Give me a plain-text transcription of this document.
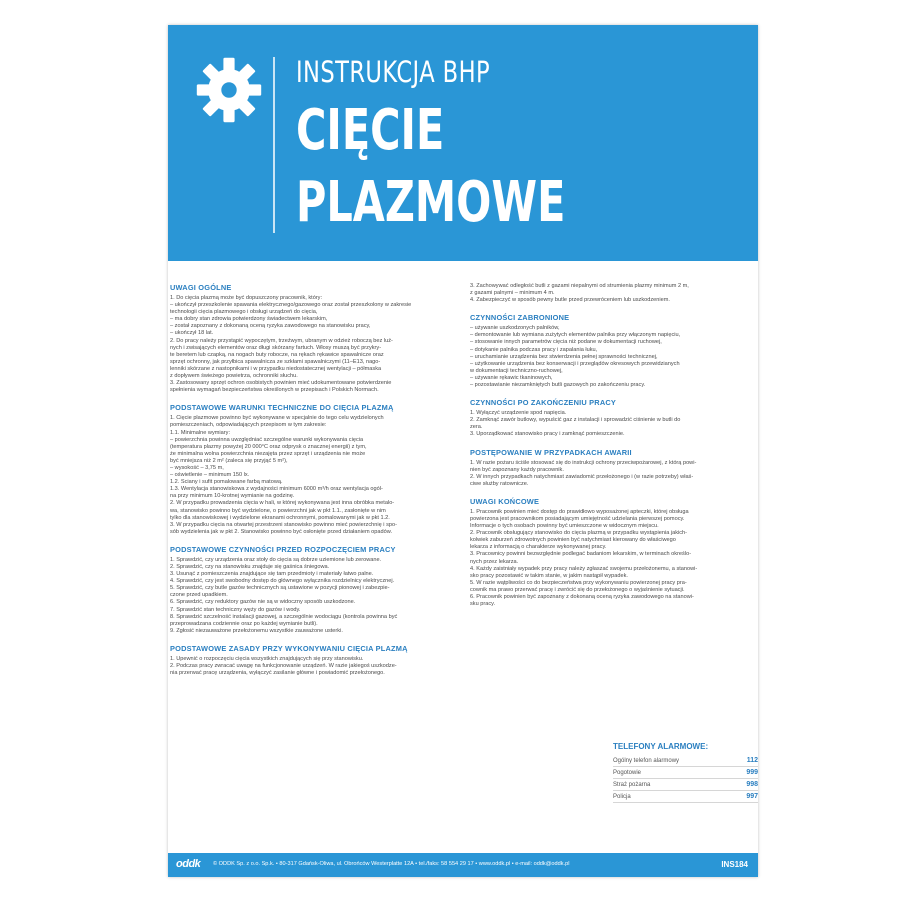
INSTRUKCJA BHP
CIĘCIE
PLAZMOWE
UWAGI OGÓLNE
1. Do cięcia plazmą może być dopuszczony pracownik, który:
– ukończył przeszkolenie spawania elektrycznego/gazowego oraz został przeszkolony w zakresie
technologii cięcia plazmowego i obsługi urządzeń do cięcia,
– ma dobry stan zdrowia potwierdzony świadectwem lekarskim,
– został zapoznany z dokonaną oceną ryzyka zawodowego na stanowisku pracy,
– ukończył 18 lat.
2. Do pracy należy przystąpić wypoczętym, trzeźwym, ubranym w odzież roboczą bez luź-
nych i zwisających elementów oraz długi skórzany fartuch. Włosy muszą być przykry-
te beretem lub czapką, na nogach buty robocze, na rękach rękawice spawalnicze oraz
sprzęt ochronny, jak przyłbica spawalnicza ze szkłami spawalniczymi (11–E13, nago-
lenniki skórzane z nastopnikami i w przypadku niedostatecznej wentylacji – półmaska
z dopływem świeżego powietrza, ochronniki słuchu.
3. Zastosowany sprzęt ochron osobistych powinien mieć udokumentowane potwierdzenie
spełnienia wymagań bezpieczeństwa określonych w przepisach i Polskich Normach.
PODSTAWOWE WARUNKI TECHNICZNE DO CIĘCIA PLAZMĄ
1. Cięcie plazmowe powinno być wykonywane w specjalnie do tego celu wydzielonych
pomieszczeniach, odpowiadających przepisom w tym zakresie:
1.1. Minimalne wymiary:
– powierzchnia powinna uwzględniać szczególne warunki wykonywania cięcia
(temperatura plazmy powyżej 20 000°C oraz odprysk o znacznej energii) z tym,
że minimalna wolna powierzchnia niezajęta przez sprzęt i urządzenia nie może
być mniejsza niż 2 m² (zaleca się przyjąć 5 m²),
– wysokość – 3,75 m,
– oświetlenie – minimum 150 lx.
1.2. Ściany i sufit pomalowane farbą matową.
1.3. Wentylacja stanowiskowa z wydajności minimum 6000 m³/h oraz wentylacja ogól-
na przy minimum 10-krotnej wymianie na godzinę.
2. W przypadku prowadzenia cięcia w hali, w której wykonywana jest inna obróbka metalo-
wa, stanowisko powinno być wydzielone, o powierzchni jak w pkt 1.1., zasłonięte w nim
tylko dla stanowiskowej i wydzielone ekranami ochronnymi, pomalowanymi jak w pkt 1.2.
3. W przypadku cięcia na otwartej przestrzeni stanowisko powinno mieć powierzchnię i spo-
sób wydzielenia jak w pkt 2. Stanowisko powinno być osłonięte przed działaniem opadów.
PODSTAWOWE CZYNNOŚCI PRZED ROZPOCZĘCIEM PRACY
1. Sprawdzić, czy urządzenia oraz stoły do cięcia są dobrze uziemione lub zerowane.
2. Sprawdzić, czy na stanowisku znajduje się gaśnica śniegowa.
3. Usunąć z pomieszczenia znajdujące się tam przedmioty i materiały łatwo palne.
4. Sprawdzić, czy jest swobodny dostęp do głównego wyłącznika rozdzielnicy elektrycznej.
5. Sprawdzić, czy butle gazów technicznych są ustawione w pozycji pionowej i zabezpie-
czone przed upadkiem.
6. Sprawdzić, czy reduktory gazów nie są w widoczny sposób uszkodzone.
7. Sprawdzić stan techniczny węży do gazów i wody.
8. Sprawdzić szczelność instalacji gazowej, a szczególnie wodociągu (kontrola powinna być
przeprowadzana codziennie oraz po każdej wymianie butli).
9. Zgłosić niezauważone przełożonemu wszystkie zauważone usterki.
PODSTAWOWE ZASADY PRZY WYKONYWANIU CIĘCIA PLAZMĄ
1. Upewnić o rozpoczęciu cięcia wszystkich znajdujących się przy stanowisku.
2. Podczas pracy zwracać uwagę na funkcjonowanie urządzeń. W razie jakiegoś uszkodze-
nia przerwać pracę urządzenia, wyłączyć zasilanie główne i powiadomić przełożonego.
3. Zachowywać odległość butli z gazami niepalnymi od strumienia plazmy minimum 2 m,
z gazami palnymi – minimum 4 m.
4. Zabezpieczyć w sposób pewny butle przed przewróceniem lub uszkodzeniem.
CZYNNOŚCI ZABRONIONE
– używanie uszkodzonych palników,
– demontowanie lub wymiana zużytych elementów palnika przy włączonym napięciu,
– stosowanie innych parametrów cięcia niż podane w dokumentacji ruchowej,
– dotykanie palnika podczas pracy i zapalania łuku,
– uruchamianie urządzenia bez stwierdzenia pełnej sprawności technicznej,
– użytkowanie urządzenia bez konserwacji i przeglądów okresowych przewidzianych
w dokumentacji techniczno-ruchowej,
– używanie rękawic tkaninowych,
– pozostawianie niezamkniętych butli gazowych po zakończeniu pracy.
CZYNNOŚCI PO ZAKOŃCZENIU PRACY
1. Wyłączyć urządzenie spod napięcia.
2. Zamknąć zawór butlowy, wypuścić gaz z instalacji i sprowadzić ciśnienie w butli do
zera.
3. Uporządkować stanowisko pracy i zamknąć pomieszczenie.
POSTĘPOWANIE W PRZYPADKACH AWARII
1. W razie pożaru ściśle stosować się do instrukcji ochrony przeciwpożarowej, z którą powi-
nien być zapoznany każdy pracownik.
2. W innych przypadkach natychmiast zawiadomić przełożonego i (w razie potrzeby) właś-
ciwe służby ratownicze.
UWAGI KOŃCOWE
1. Pracownik powinien mieć dostęp do prawidłowo wyposażonej apteczki, której obsługa
powierzona jest pracownikom posiadającym umiejętność udzielania pierwszej pomocy.
Informacje o tych osobach powinny być umieszczone w widocznym miejscu.
2. Pracownik obsługujący stanowisko do cięcia plazmą w przypadku wystąpienia jakich-
kolwiek zaburzeń zdrowotnych powinien być natychmiast kierowany do właściwego
lekarza z informacją o charakterze wykonywanej pracy.
3. Pracownicy powinni bezwzględnie podlegać badaniom lekarskim, w terminach określo-
nych przez lekarza.
4. Każdy zaistniały wypadek przy pracy należy zgłaszać swojemu przełożonemu, a stanowi-
sko pracy pozostawić w takim stanie, w jakim nastąpił wypadek.
5. W razie wątpliwości co do bezpieczeństwa przy wykonywaniu powierzonej pracy pra-
cownik ma prawo przerwać pracę i zwrócić się do przełożonego o wyjaśnienie sytuacji.
6. Pracownik powinien być zapoznany z dokonaną oceną ryzyka zawodowego na stanowi-
sku pracy.
TELEFONY ALARMOWE:
Ogólny telefon alarmowy	112
Pogotowie	999
Straż pożarna	998
Policja	997
oddk © ODDK Sp. z o.o. Sp.k. • 80-317 Gdańsk-Oliwa, ul. Obrońców Westerplatte 12A • tel./faks: 58 554 29 17 • www.oddk.pl • e-mail: oddk@oddk.pl	INS184
